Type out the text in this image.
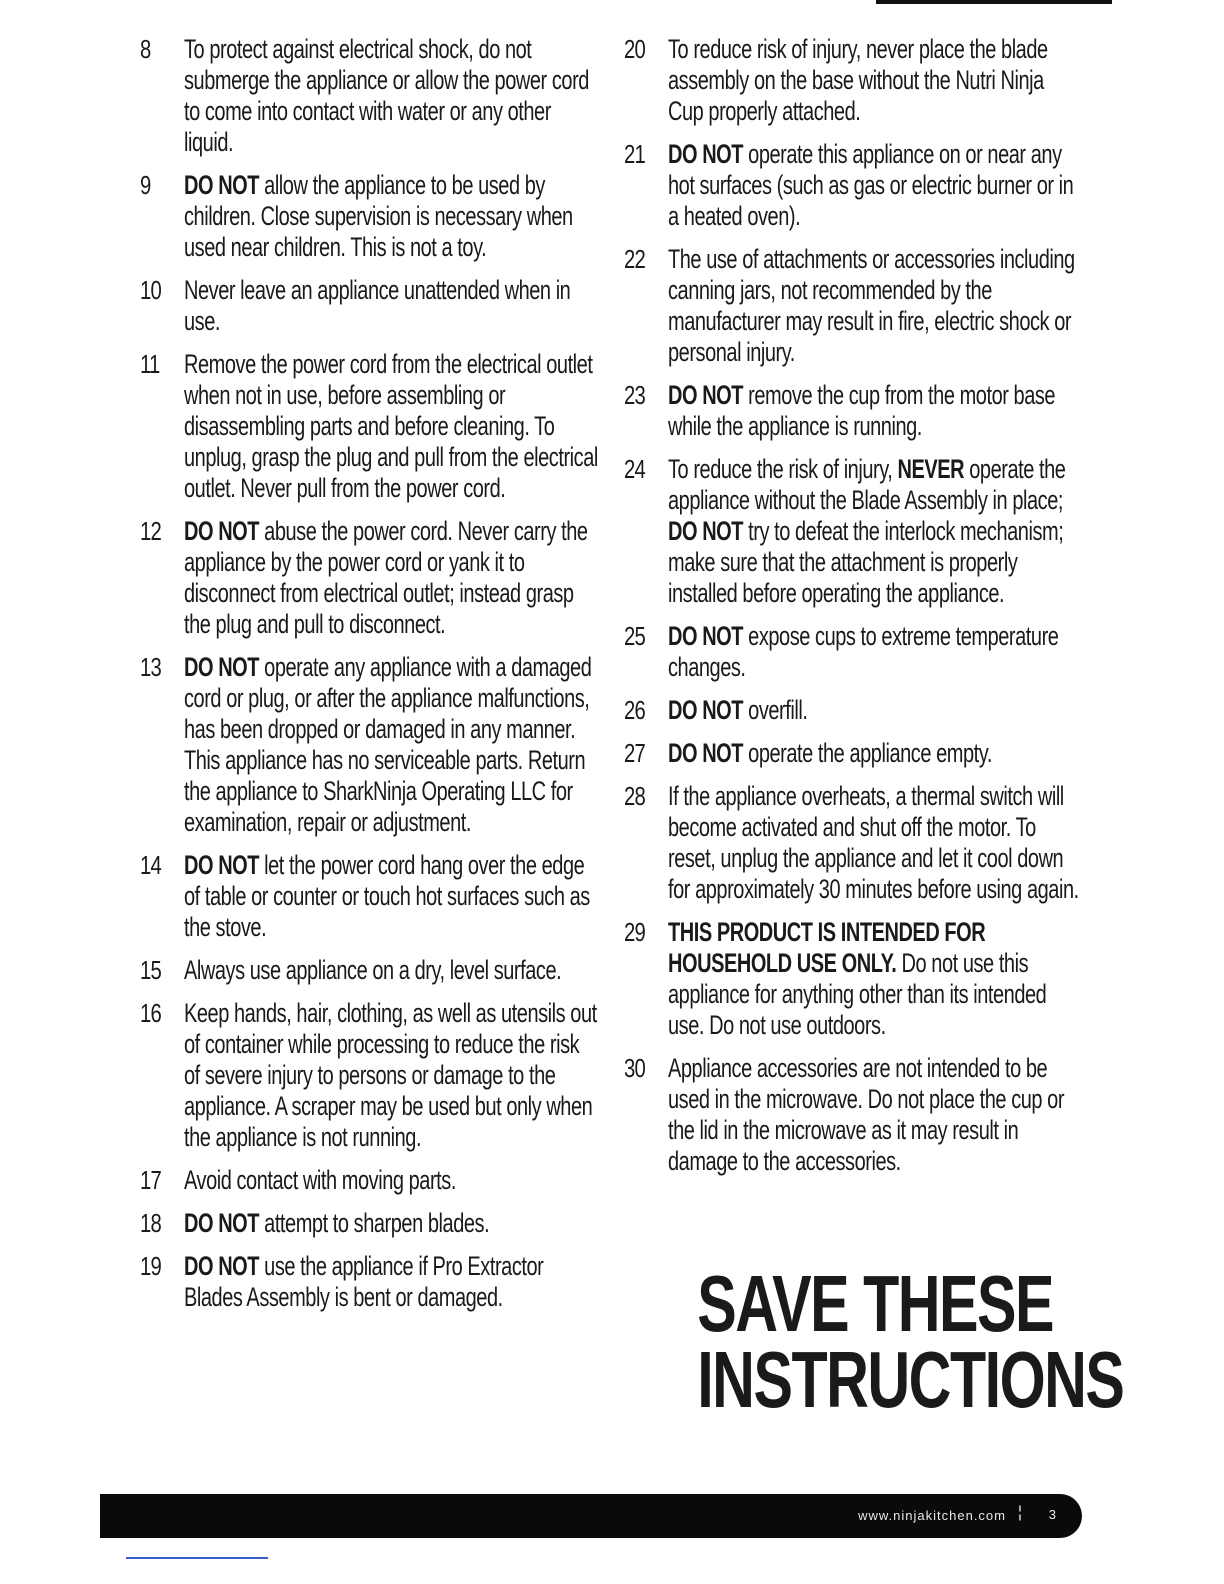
8	To protect against electrical shock, do not submerge the appliance or allow the power cord to come into contact with water or any other liquid.
9	DO NOT allow the appliance to be used by children. Close supervision is necessary when used near children. This is not a toy.
10 Never leave an appliance unattended when in use.
11 Remove the power cord from the electrical outlet when not in use, before assembling or disassembling parts and before cleaning. To unplug, grasp the plug and pull from the electrical outlet. Never pull from the power cord.
12 DO NOT abuse the power cord. Never carry the appliance by the power cord or yank it to disconnect from electrical outlet; instead grasp the plug and pull to disconnect.
13 DO NOT operate any appliance with a damaged cord or plug, or after the appliance malfunctions, has been dropped or damaged in any manner. This appliance has no serviceable parts. Return the appliance to SharkNinja Operating LLC for examination, repair or adjustment.
14 DO NOT let the power cord hang over the edge of table or counter or touch hot surfaces such as the stove.
15 Always use appliance on a dry, level surface.
16 Keep hands, hair, clothing, as well as utensils out of container while processing to reduce the risk of severe injury to persons or damage to the appliance. A scraper may be used but only when the appliance is not running.
17 Avoid contact with moving parts.
18 DO NOT attempt to sharpen blades.
19 DO NOT use the appliance if Pro Extractor Blades Assembly is bent or damaged.
20 To reduce risk of injury, never place the blade assembly on the base without the Nutri Ninja Cup properly attached.
21 DO NOT operate this appliance on or near any hot surfaces (such as gas or electric burner or in a heated oven).
22 The use of attachments or accessories including canning jars, not recommended by the manufacturer may result in fire, electric shock or personal injury.
23 DO NOT remove the cup from the motor base while the appliance is running.
24 To reduce the risk of injury, NEVER operate the appliance without the Blade Assembly in place; DO NOT try to defeat the interlock mechanism; make sure that the attachment is properly installed before operating the appliance.
25 DO NOT expose cups to extreme temperature changes.
26 DO NOT overfill.
27 DO NOT operate the appliance empty.
28 If the appliance overheats, a thermal switch will become activated and shut off the motor. To reset, unplug the appliance and let it cool down for approximately 30 minutes before using again.
29 THIS PRODUCT IS INTENDED FOR HOUSEHOLD USE ONLY. Do not use this appliance for anything other than its intended use. Do not use outdoors.
30 Appliance accessories are not intended to be used in the microwave. Do not place the cup or the lid in the microwave as it may result in damage to the accessories.
SAVE THESE
INSTRUCTIONS
www.ninjakitchen.com ¦ 3
